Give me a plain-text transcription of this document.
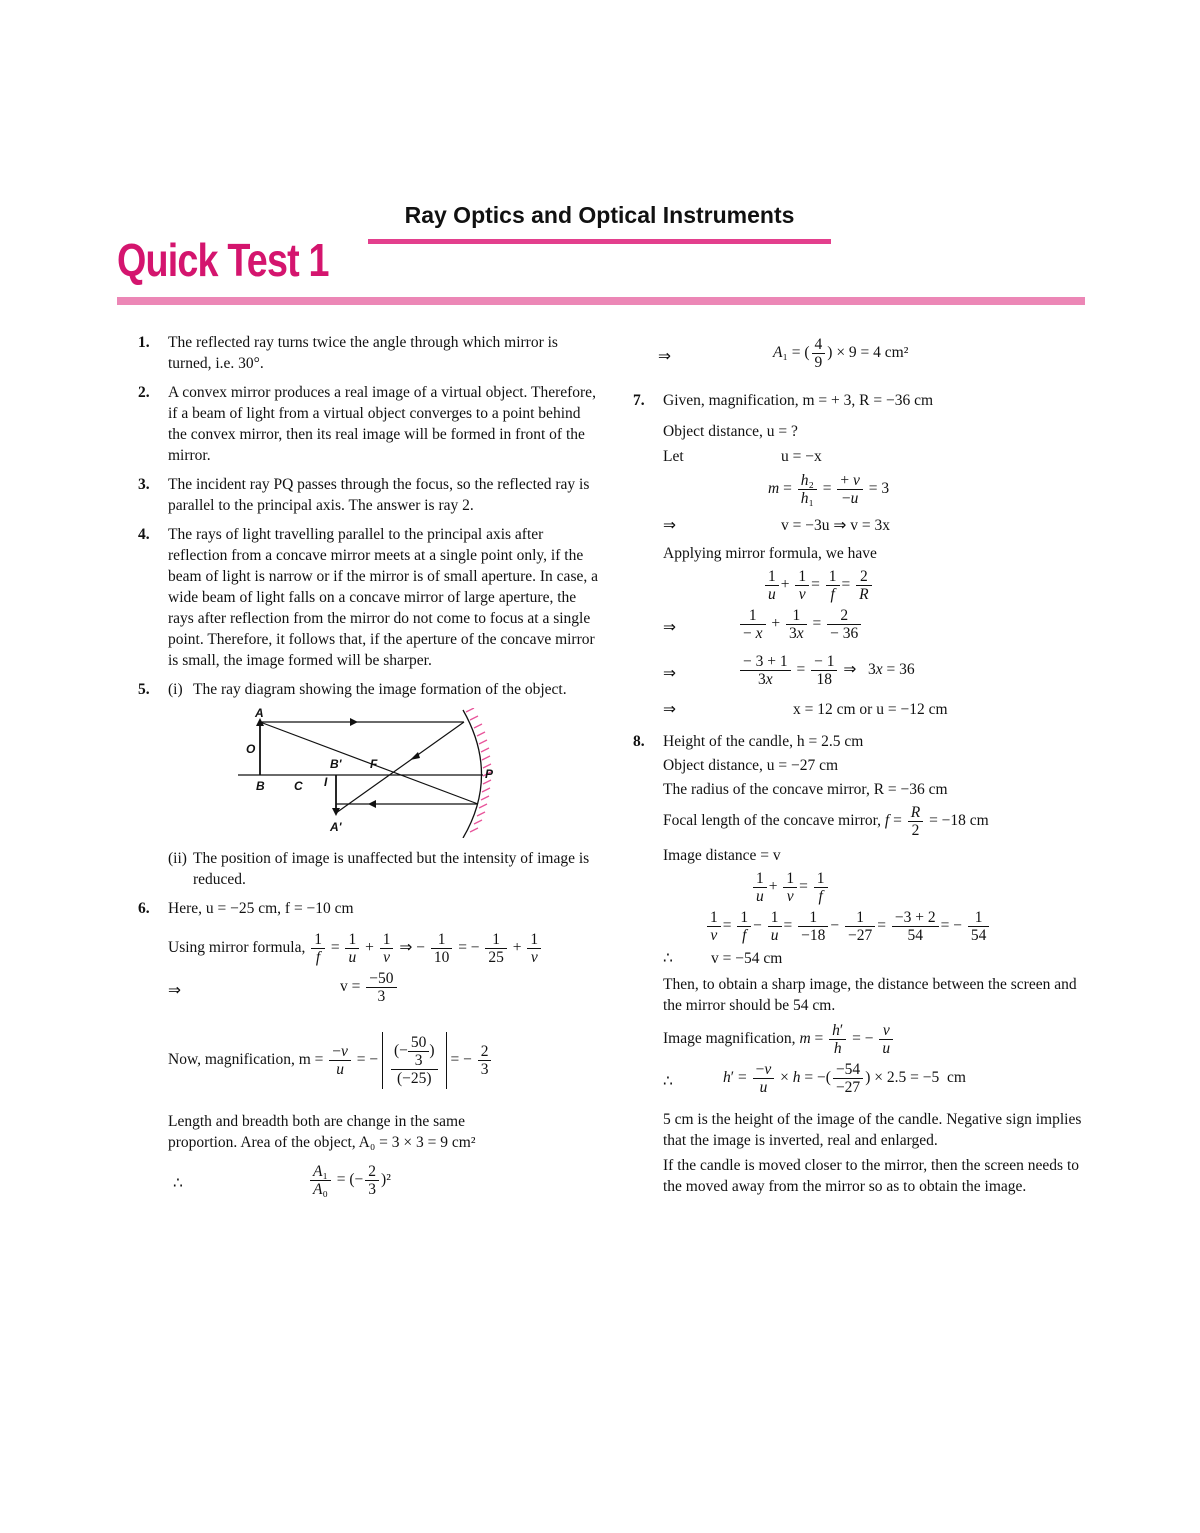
Ray Optics and Optical Instruments
Quick Test 1
1. The reflected ray turns twice the angle through which mirror is turned, i.e. 30°.
2. A convex mirror produces a real image of a virtual object. Therefore, if a beam of light from a virtual object converges to a point behind the convex mirror, then its real image will be formed in front of the mirror.
3. The incident ray PQ passes through the focus, so the reflected ray is parallel to the principal axis. The answer is ray 2.
4. The rays of light travelling parallel to the principal axis after reflection from a concave mirror meets at a single point only, if the beam of light is narrow or if the mirror is of small aperture. In case, a wide beam of light falls on a concave mirror of large aperture, the rays after reflection from the mirror do not come to focus at a single point. Therefore, it follows that, if the aperture of the concave mirror is small, the image formed will be sharper.
5. (i) The ray diagram showing the image formation of the object.
A
O
B C
B' F
I
A'
P
(ii) The position of image is unaffected but the intensity of image is reduced.
6. Here, u = −25 cm, f = −10 cm
Using mirror formula, $\frac{1}{f} = \frac{1}{u} + \frac{1}{v}$ ⇒ − $\frac{1}{10}$ = − $\frac{1}{25} + \frac{1}{v}$
⇒	$v = \frac{-50}{3}$
Now, magnification, $m = \frac{-v}{u}$ = − $\frac{(- \frac{50}{3} )}{(-25)}$ = − $\frac{2}{3}$
Length and breadth both are change in the same
proportion. Area of the object, A₀ = 3 × 3 = 9 cm²
∴	$\frac{\text{A₁}}{\text{A₀}}$ = (− $\frac{2}{3} )^2$
⇒	A₁ = ( $\frac{4}{9}$ ) × 9 = 4 cm²
7. Given, magnification, m = + 3, R = −36 cm
Object distance, u = ?
Let	u = −x
$m = \frac{\text{h₂}}{\text{h₁}} = \frac{+ v}{-u} = 3$
⇒	v = −3u ⇒ v = 3x
Applying mirror formula, we have
$\frac{1}{u} + \frac{1}{v} = \frac{1}{f} = \frac{2}{R}$
⇒	$\frac{1}{- x} + \frac{1}{3x} = \frac{2}{- 36}$
⇒	$\frac{- 3 + 1}{3x} = \frac{- 1}{18}$ ⇒   3x = 36
⇒	x = 12 cm or u = −12 cm
8. Height of the candle, h = 2.5 cm
Object distance, u = −27 cm
The radius of the concave mirror, R = −36 cm
Focal length of the concave mirror, $f = \frac{R}{2} = -18$ cm
Image distance = v
$\frac{1}{u} + \frac{1}{v} = \frac{1}{f}$
$\frac{1}{v} = \frac{1}{f} - \frac{1}{u} = \frac{1}{-18} - \frac{1}{-27} = \frac{-3 + 2}{54}$ = − $\frac{1}{54}$
∴ v = −54 cm
Then, to obtain a sharp image, the distance between the screen and the mirror should be 54 cm.
Image magnification, $m = \frac{h'}{h}$ = − $\frac{v}{u}$
∴	$h' = \frac{-v}{u} \times h$ = −( $\frac{-54}{-27}$ ) × 2.5 = −5  cm
5 cm is the height of the image of the candle. Negative sign implies that the image is inverted, real and enlarged.
If the candle is moved closer to the mirror, then the screen needs to the moved away from the mirror so as to obtain the image.
